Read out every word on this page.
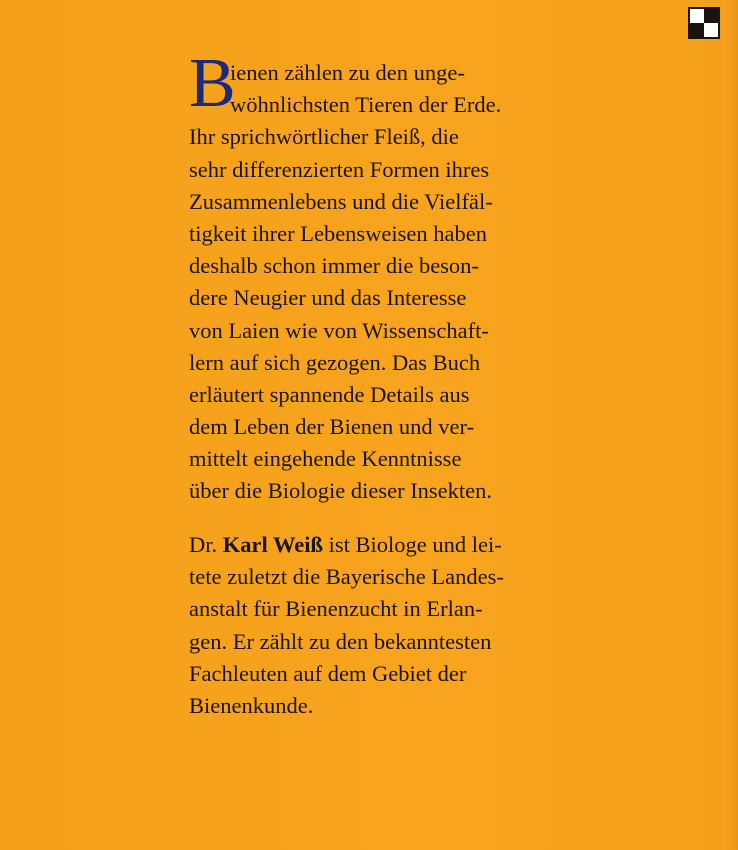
B
ienen zählen zu den unge-
wöhnlichsten Tieren der Erde.
Ihr sprichwörtlicher Fleiß, die
sehr differenzierten Formen ihres
Zusammenlebens und die Vielfäl-
tigkeit ihrer Lebensweisen haben
deshalb schon immer die beson-
dere Neugier und das Interesse
von Laien wie von Wissenschaft-
lern auf sich gezogen. Das Buch
erläutert spannende Details aus
dem Leben der Bienen und ver-
mittelt eingehende Kenntnisse
über die Biologie dieser Insekten.
Dr. Karl Weiß ist Biologe und lei-
tete zuletzt die Bayerische Landes-
anstalt für Bienenzucht in Erlan-
gen. Er zählt zu den bekanntesten
Fachleuten auf dem Gebiet der
Bienenkunde.
